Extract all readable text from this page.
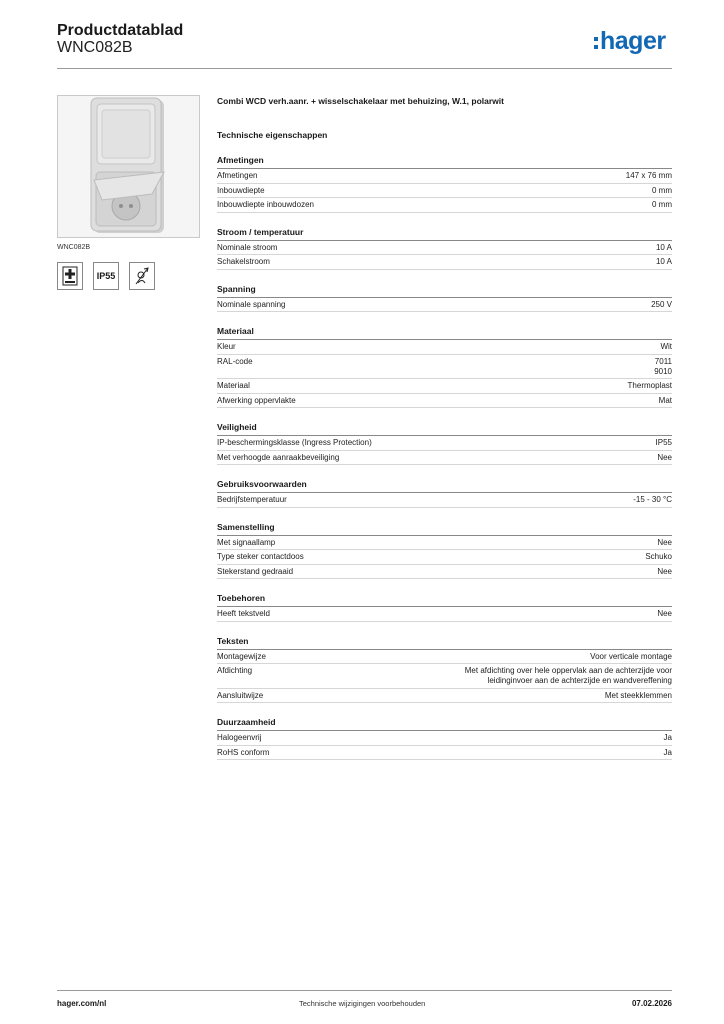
Productdatablad
WNC082B	hager
WNC082B
IP55
Combi WCD verh.aanr. + wisselschakelaar met behuizing, W.1, polarwit
Technische eigenschappen
Afmetingen
Afmetingen	147 x 76 mm
Inbouwdiepte	0 mm
Inbouwdiepte inbouwdozen	0 mm
Stroom / temperatuur
Nominale stroom	10 A
Schakelstroom	10 A
Spanning
Nominale spanning	250 V
Materiaal
Kleur	Wit
RAL-code	7011
9010
Materiaal	Thermoplast
Afwerking oppervlakte	Mat
Veiligheid
IP-beschermingsklasse (Ingress Protection)	IP55
Met verhoogde aanraakbeveiliging	Nee
Gebruiksvoorwaarden
Bedrijfstemperatuur	-15 - 30 °C
Samenstelling
Met signaallamp	Nee
Type steker contactdoos	Schuko
Stekerstand gedraaid	Nee
Toebehoren
Heeft tekstveld	Nee
Teksten
Montagewijze	Voor verticale montage
Afdichting	Met afdichting over hele oppervlak aan de achterzijde voor
leidinginvoer aan de achterzijde en wandvereffening
Aansluitwijze	Met steekklemmen
Duurzaamheid
Halogeenvrij	Ja
RoHS conform	Ja
hager.com/nl	Technische wijzigingen voorbehouden	07.02.2026
